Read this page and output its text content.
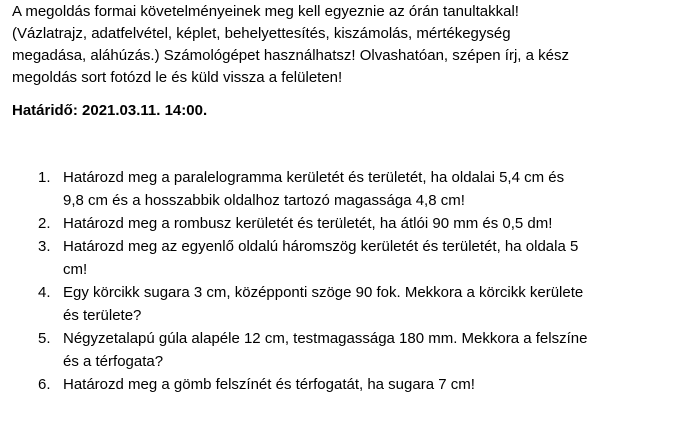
A megoldás formai követelményeinek meg kell egyeznie az órán tanultakkal!
(Vázlatrajz, adatfelvétel, képlet, behelyettesítés, kiszámolás, mértékegység
megadása, aláhúzás.) Számológépet használhatsz! Olvashatóan, szépen írj, a kész
megoldás sort fotózd le és küld vissza a felületen!

Határidő: 2021.03.11. 14:00.

1. Határozd meg a paralelogramma kerületét és területét, ha oldalai 5,4 cm és
9,8 cm és a hosszabbik oldalhoz tartozó magassága 4,8 cm!
2. Határozd meg a rombusz kerületét és területét, ha átlói 90 mm és 0,5 dm!
3. Határozd meg az egyenlő oldalú háromszög kerületét és területét, ha oldala 5
cm!
4. Egy körcikk sugara 3 cm, középponti szöge 90 fok. Mekkora a körcikk kerülete
és területe?
5. Négyzetalapú gúla alapéle 12 cm, testmagassága 180 mm. Mekkora a felszíne
és a térfogata?
6. Határozd meg a gömb felszínét és térfogatát, ha sugara 7 cm!
